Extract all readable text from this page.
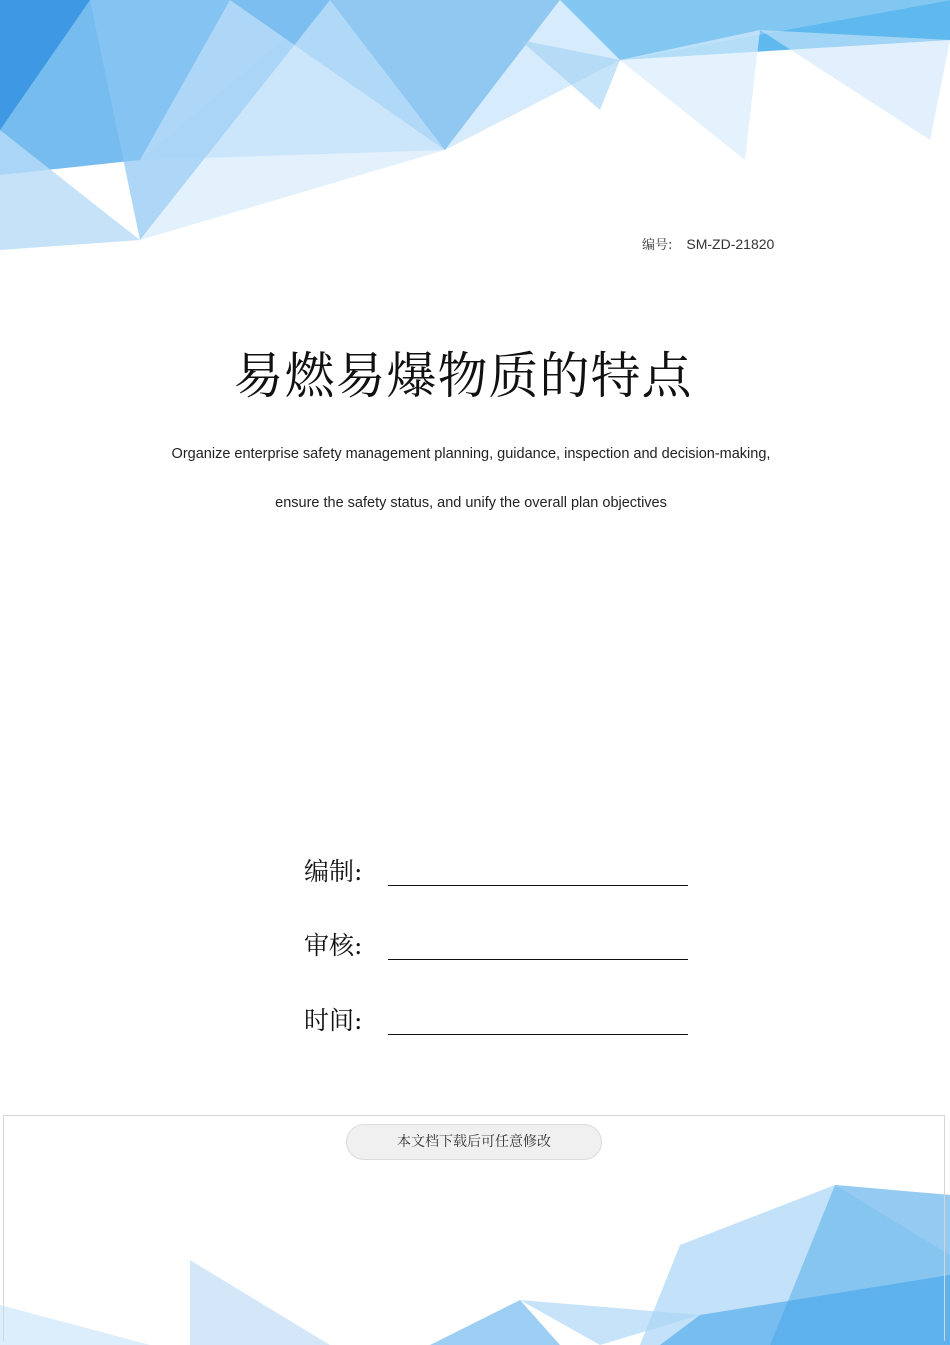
编号: SM-ZD-21820
易燃易爆物质的特点
Organize enterprise safety management planning, guidance, inspection and decision-making,
ensure the safety status, and unify the overall plan objectives
编制:
审核:
时间:
本文档下载后可任意修改
